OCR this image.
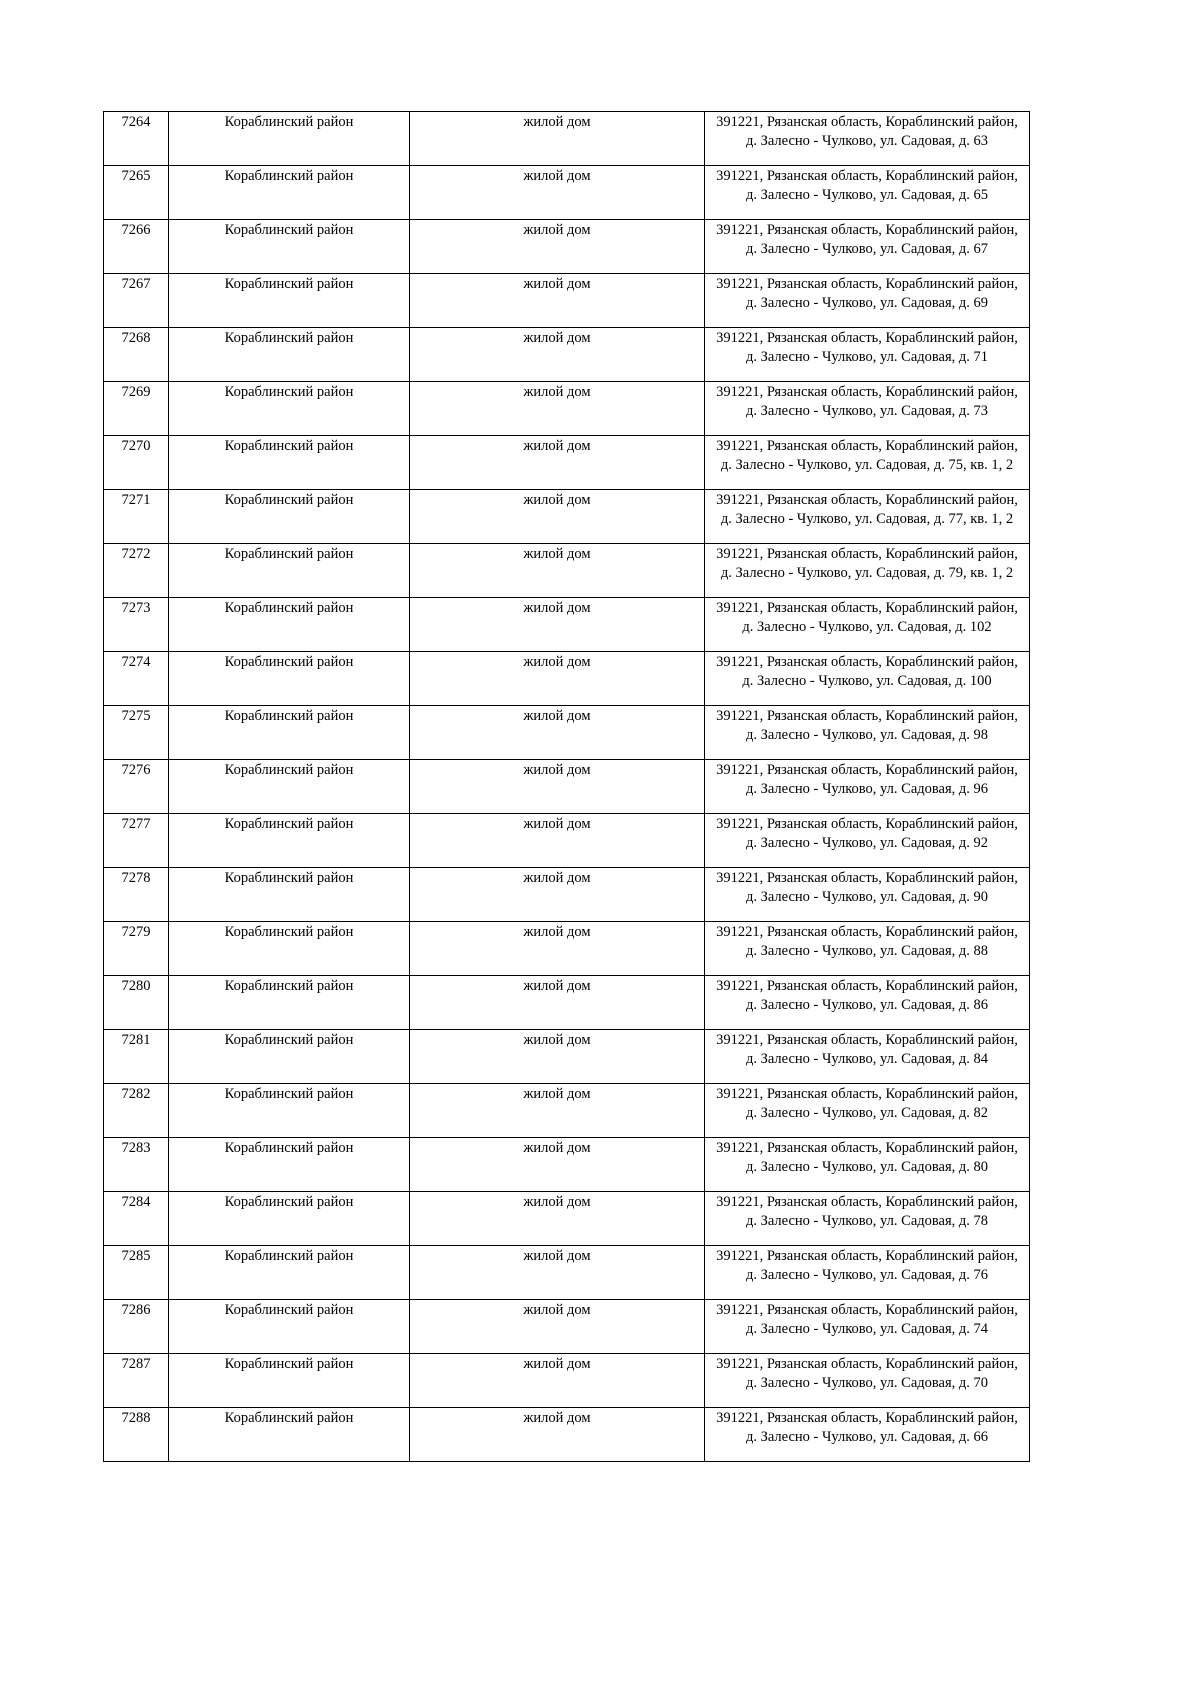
7264	Кораблинский район	жилой дом	391221, Рязанская область, Кораблинский район,
д. Залесно - Чулково, ул. Садовая, д. 63

7265	Кораблинский район	жилой дом	391221, Рязанская область, Кораблинский район,
д. Залесно - Чулково, ул. Садовая, д. 65

7266	Кораблинский район	жилой дом	391221, Рязанская область, Кораблинский район,
д. Залесно - Чулково, ул. Садовая, д. 67

7267	Кораблинский район	жилой дом	391221, Рязанская область, Кораблинский район,
д. Залесно - Чулково, ул. Садовая, д. 69

7268	Кораблинский район	жилой дом	391221, Рязанская область, Кораблинский район,
д. Залесно - Чулково, ул. Садовая, д. 71

7269	Кораблинский район	жилой дом	391221, Рязанская область, Кораблинский район,
д. Залесно - Чулково, ул. Садовая, д. 73

7270	Кораблинский район	жилой дом	391221, Рязанская область, Кораблинский район,
д. Залесно - Чулково, ул. Садовая, д. 75, кв. 1, 2

7271	Кораблинский район	жилой дом	391221, Рязанская область, Кораблинский район,
д. Залесно - Чулково, ул. Садовая, д. 77, кв. 1, 2

7272	Кораблинский район	жилой дом	391221, Рязанская область, Кораблинский район,
д. Залесно - Чулково, ул. Садовая, д. 79, кв. 1, 2

7273	Кораблинский район	жилой дом	391221, Рязанская область, Кораблинский район,
д. Залесно - Чулково, ул. Садовая, д. 102

7274	Кораблинский район	жилой дом	391221, Рязанская область, Кораблинский район,
д. Залесно - Чулково, ул. Садовая, д. 100

7275	Кораблинский район	жилой дом	391221, Рязанская область, Кораблинский район,
д. Залесно - Чулково, ул. Садовая, д. 98

7276	Кораблинский район	жилой дом	391221, Рязанская область, Кораблинский район,
д. Залесно - Чулково, ул. Садовая, д. 96

7277	Кораблинский район	жилой дом	391221, Рязанская область, Кораблинский район,
д. Залесно - Чулково, ул. Садовая, д. 92

7278	Кораблинский район	жилой дом	391221, Рязанская область, Кораблинский район,
д. Залесно - Чулково, ул. Садовая, д. 90

7279	Кораблинский район	жилой дом	391221, Рязанская область, Кораблинский район,
д. Залесно - Чулково, ул. Садовая, д. 88

7280	Кораблинский район	жилой дом	391221, Рязанская область, Кораблинский район,
д. Залесно - Чулково, ул. Садовая, д. 86

7281	Кораблинский район	жилой дом	391221, Рязанская область, Кораблинский район,
д. Залесно - Чулково, ул. Садовая, д. 84

7282	Кораблинский район	жилой дом	391221, Рязанская область, Кораблинский район,
д. Залесно - Чулково, ул. Садовая, д. 82

7283	Кораблинский район	жилой дом	391221, Рязанская область, Кораблинский район,
д. Залесно - Чулково, ул. Садовая, д. 80

7284	Кораблинский район	жилой дом	391221, Рязанская область, Кораблинский район,
д. Залесно - Чулково, ул. Садовая, д. 78

7285	Кораблинский район	жилой дом	391221, Рязанская область, Кораблинский район,
д. Залесно - Чулково, ул. Садовая, д. 76

7286	Кораблинский район	жилой дом	391221, Рязанская область, Кораблинский район,
д. Залесно - Чулково, ул. Садовая, д. 74

7287	Кораблинский район	жилой дом	391221, Рязанская область, Кораблинский район,
д. Залесно - Чулково, ул. Садовая, д. 70

7288	Кораблинский район	жилой дом	391221, Рязанская область, Кораблинский район,
д. Залесно - Чулково, ул. Садовая, д. 66
